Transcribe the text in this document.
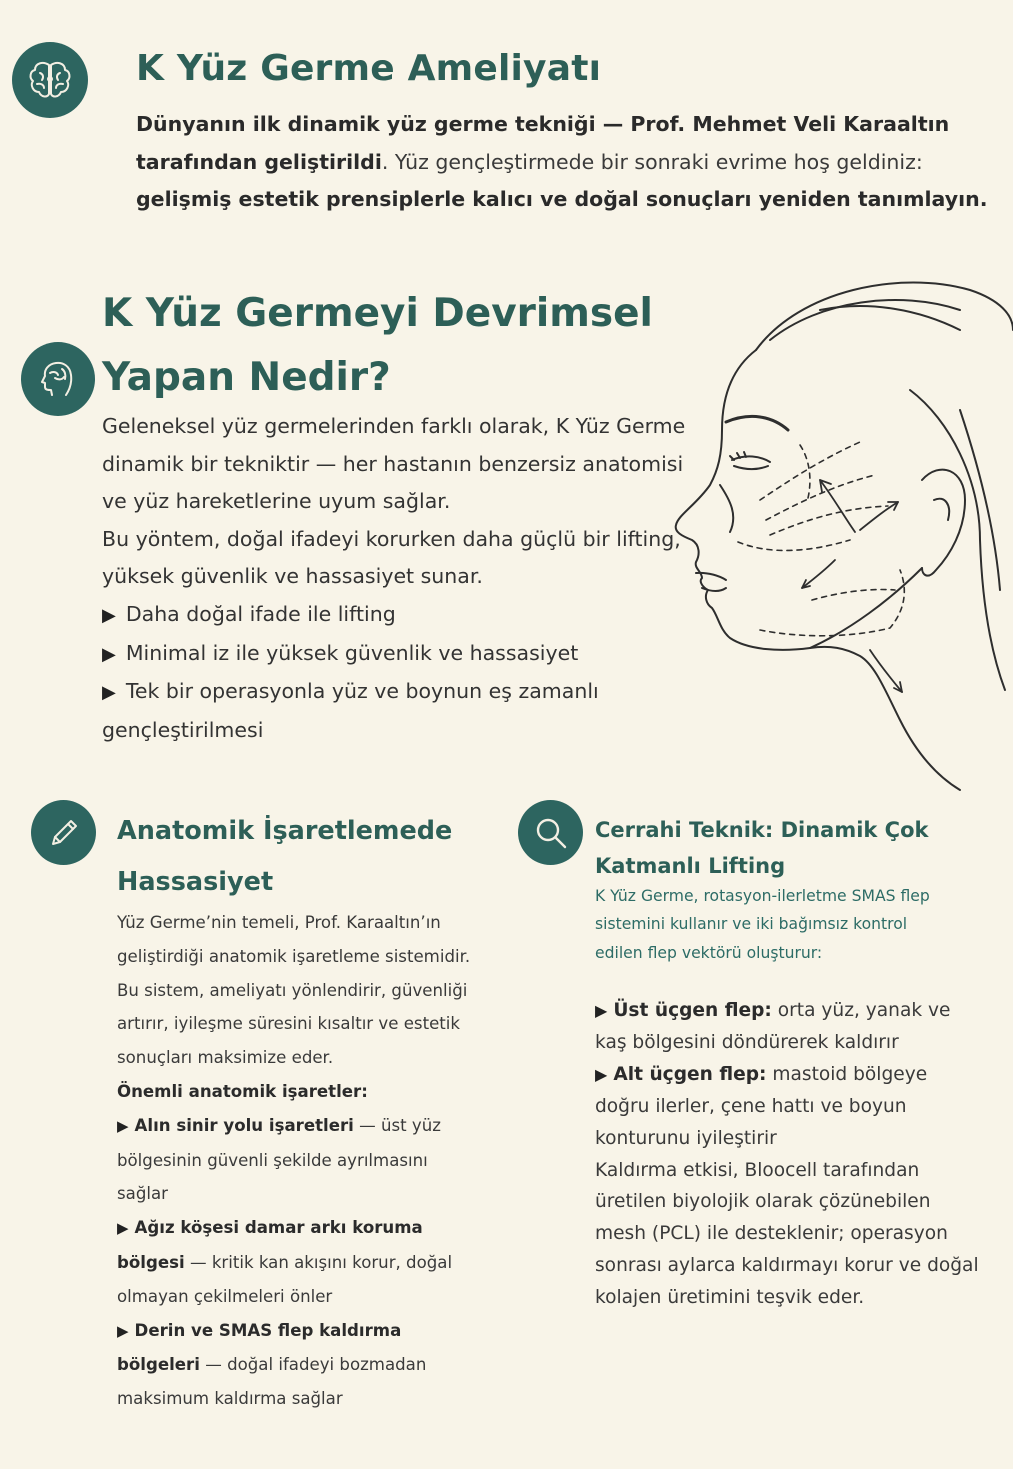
K Yüz Germe Ameliyatı

Dünyanın ilk dinamik yüz germe tekniği — Prof. Mehmet Veli Karaaltın tarafından geliştirildi. Yüz gençleştirmede bir sonraki evrime hoş geldiniz: gelişmiş estetik prensiplerle kalıcı ve doğal sonuçları yeniden tanımlayın.

K Yüz Germeyi Devrimsel Yapan Nedir?

Geleneksel yüz germelerinden farklı olarak, K Yüz Germe dinamik bir tekniktir — her hastanın benzersiz anatomisi ve yüz hareketlerine uyum sağlar.

Bu yöntem, doğal ifadeyi korurken daha güçlü bir lifting, yüksek güvenlik ve hassasiyet sunar.

▶ Daha doğal ifade ile lifting

▶ Minimal iz ile yüksek güvenlik ve hassasiyet

▶ Tek bir operasyonla yüz ve boynun eş zamanlı gençleştirilmesi

Anatomik İşaretlemede Hassasiyet

Yüz Germe’nin temeli, Prof. Karaaltın’ın geliştirdiği anatomik işaretleme sistemidir. Bu sistem, ameliyatı yönlendirir, güvenliği artırır, iyileşme süresini kısaltır ve estetik sonuçları maksimize eder.

Önemli anatomik işaretler:

▶ Alın sinir yolu işaretleri — üst yüz bölgesinin güvenli şekilde ayrılmasını sağlar

▶ Ağız köşesi damar arkı koruma bölgesi — kritik kan akışını korur, doğal olmayan çekilmeleri önler

▶ Derin ve SMAS flep kaldırma bölgeleri — doğal ifadeyi bozmadan maksimum kaldırma sağlar

Cerrahi Teknik: Dinamik Çok Katmanlı Lifting

K Yüz Germe, rotasyon-ilerletme SMAS flep sistemini kullanır ve iki bağımsız kontrol edilen flep vektörü oluşturur:

▶ Üst üçgen flep: orta yüz, yanak ve kaş bölgesini döndürerek kaldırır

▶ Alt üçgen flep: mastoid bölgeye doğru ilerler, çene hattı ve boyun konturunu iyileştirir

Kaldırma etkisi, Bloocell tarafından üretilen biyolojik olarak çözünebilen mesh (PCL) ile desteklenir; operasyon sonrası aylarca kaldırmayı korur ve doğal kolajen üretimini teşvik eder.
